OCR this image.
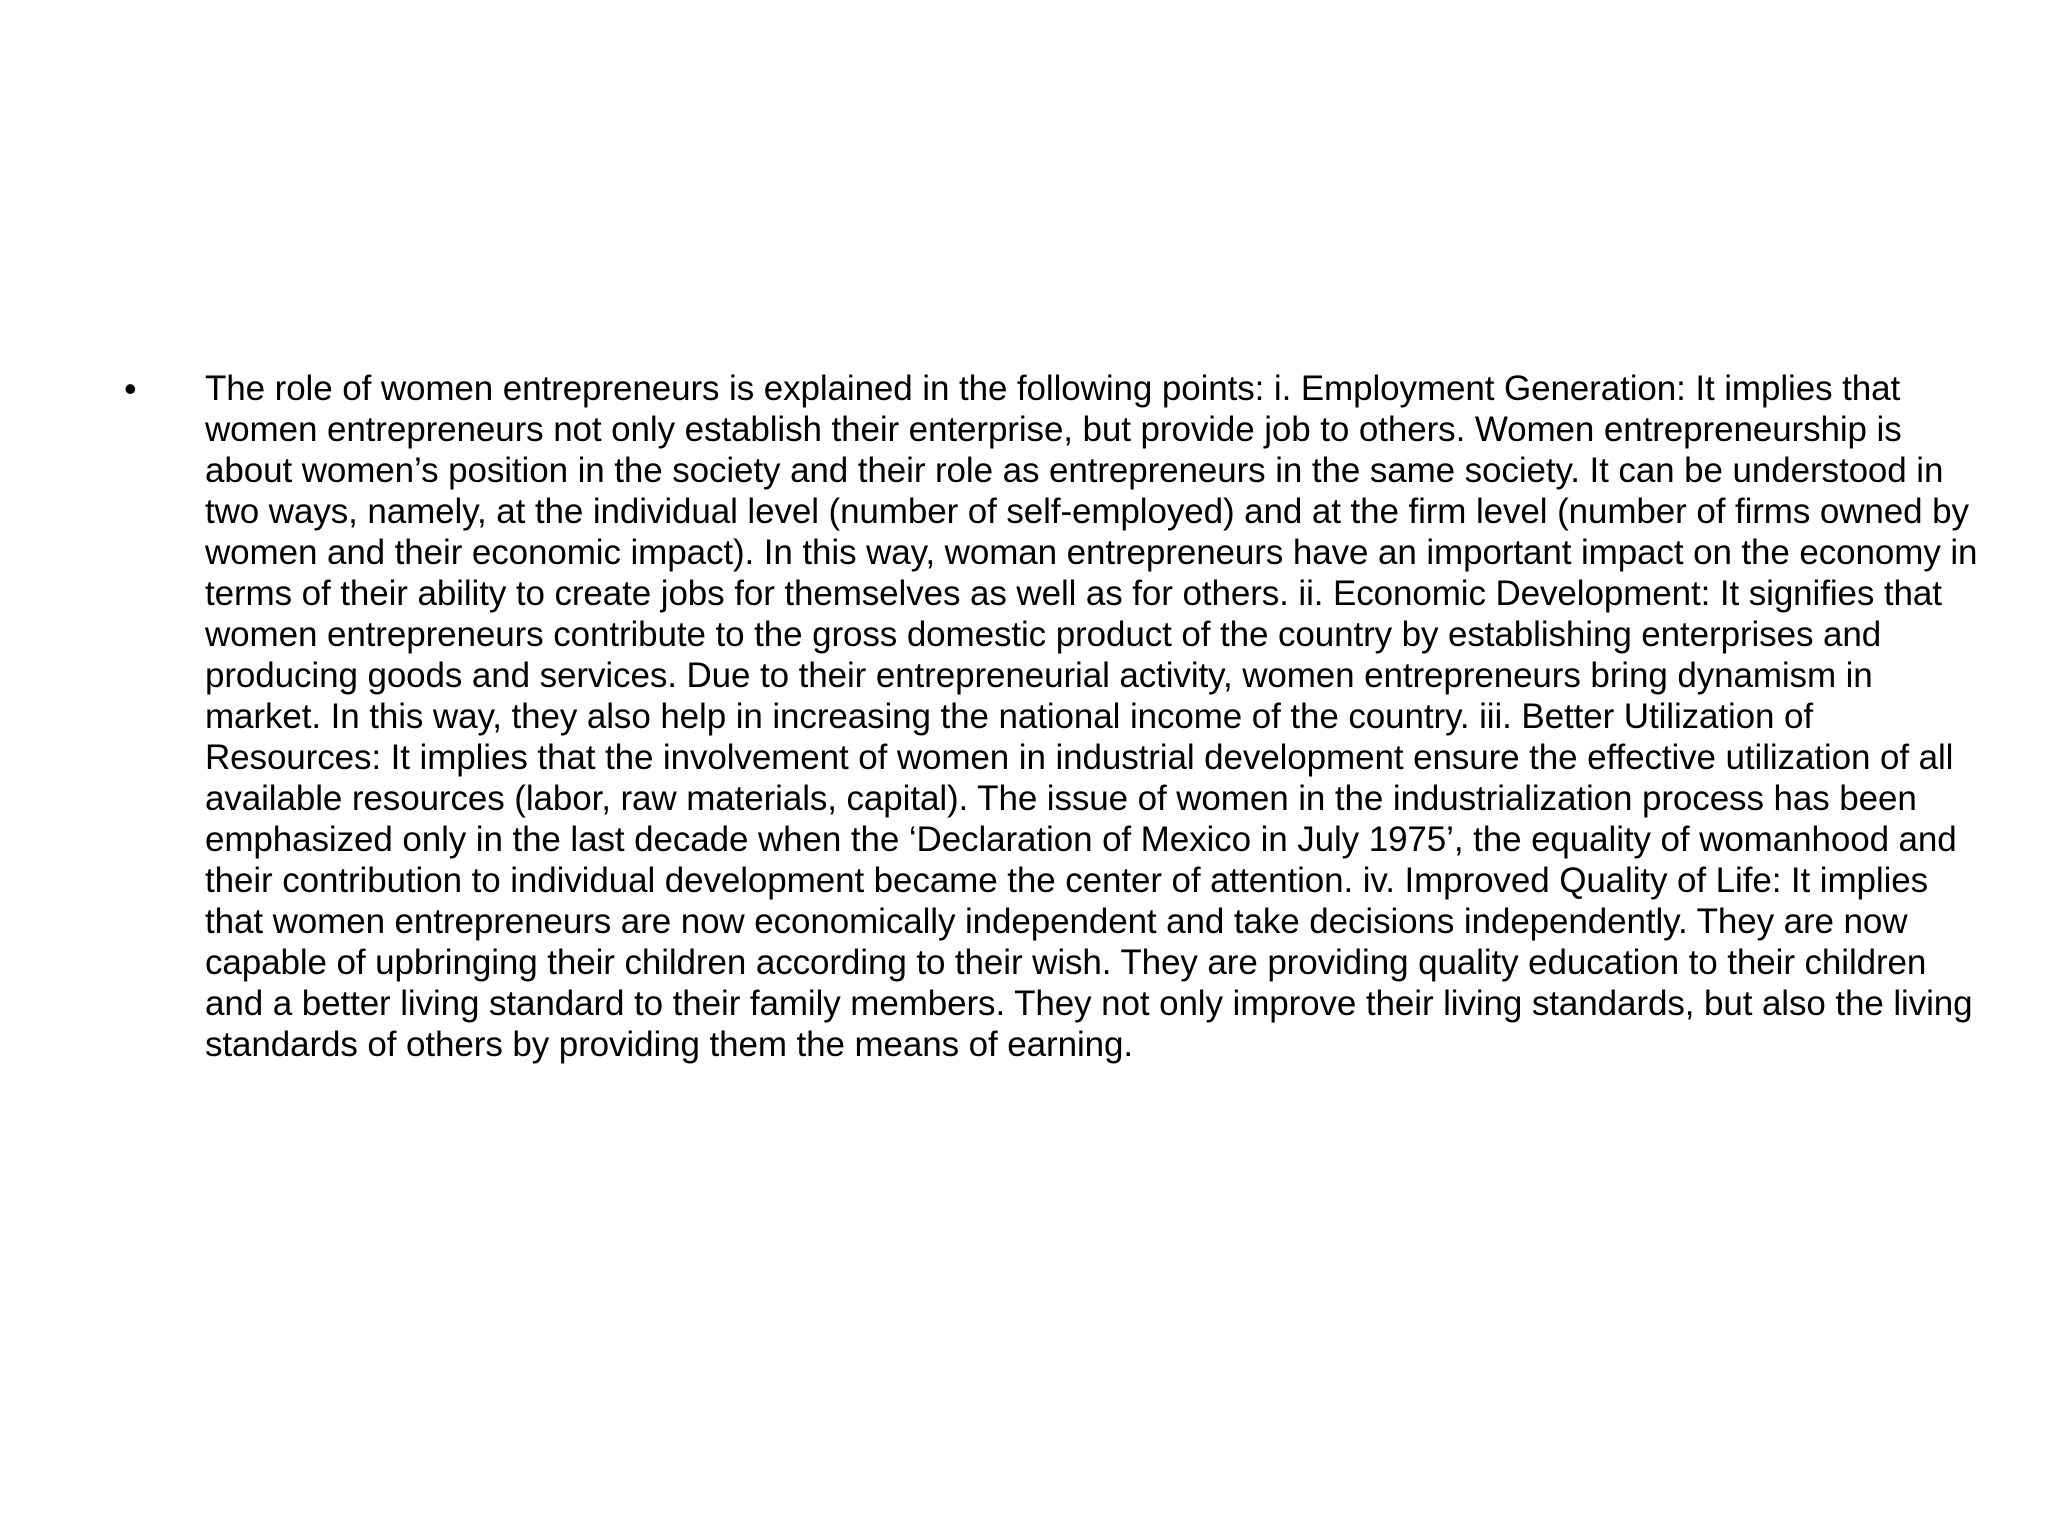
•	The role of women entrepreneurs is explained in the following points: i. Employment Generation: It implies that women entrepreneurs not only establish their enterprise, but provide job to others. Women entrepreneurship is about women’s position in the society and their role as entrepreneurs in the same society. It can be understood in two ways, namely, at the individual level (number of self-employed) and at the firm level (number of firms owned by women and their economic impact). In this way, woman entrepreneurs have an important impact on the economy in terms of their ability to create jobs for themselves as well as for others. ii. Economic Development: It signifies that women entrepreneurs contribute to the gross domestic product of the country by establishing enterprises and producing goods and services. Due to their entrepreneurial activity, women entrepreneurs bring dynamism in market. In this way, they also help in increasing the national income of the country. iii. Better Utilization of Resources: It implies that the involvement of women in industrial development ensure the effective utilization of all available resources (labor, raw materials, capital). The issue of women in the industrialization process has been emphasized only in the last decade when the ‘Declaration of Mexico in July 1975’, the equality of womanhood and their contribution to individual development became the center of attention. iv. Improved Quality of Life: It implies that women entrepreneurs are now economically independent and take decisions independently. They are now capable of upbringing their children according to their wish. They are providing quality education to their children and a better living standard to their family members. They not only improve their living standards, but also the living standards of others by providing them the means of earning.
